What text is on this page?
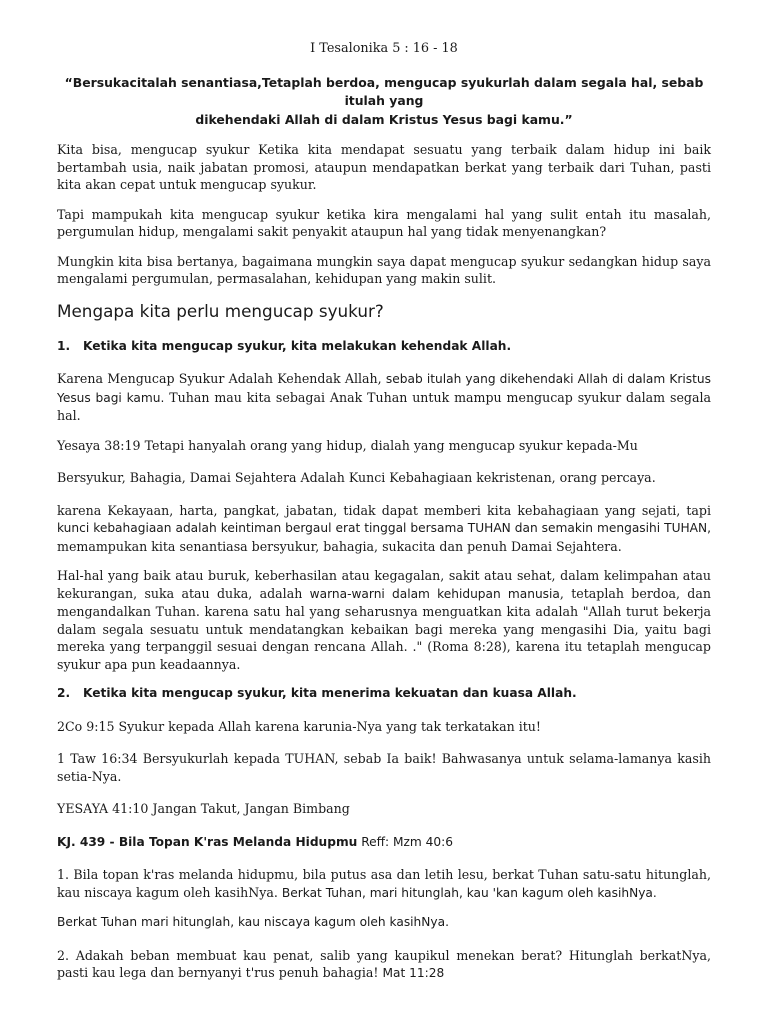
I Tesalonika 5 : 16 - 18

“Bersukacitalah senantiasa,Tetaplah berdoa, mengucap syukurlah dalam segala hal, sebab itulah yang
dikehendaki Allah di dalam Kristus Yesus bagi kamu.”

Kita bisa, mengucap syukur Ketika kita mendapat sesuatu yang terbaik dalam hidup ini baik bertambah usia, naik jabatan promosi, ataupun mendapatkan berkat yang terbaik dari Tuhan, pasti kita akan cepat untuk mengucap syukur.

Tapi mampukah kita mengucap syukur ketika kira mengalami hal yang sulit entah itu masalah, pergumulan hidup, mengalami sakit penyakit ataupun hal yang tidak menyenangkan?

Mungkin kita bisa bertanya, bagaimana mungkin saya dapat mengucap syukur sedangkan hidup saya mengalami pergumulan, permasalahan, kehidupan yang makin sulit.

Mengapa kita perlu mengucap syukur?

1. Ketika kita mengucap syukur, kita melakukan kehendak Allah.

Karena Mengucap Syukur Adalah Kehendak Allah, sebab itulah yang dikehendaki Allah di dalam Kristus Yesus bagi kamu. Tuhan mau kita sebagai Anak Tuhan untuk mampu mengucap syukur dalam segala hal.

Yesaya 38:19 Tetapi hanyalah orang yang hidup, dialah yang mengucap syukur kepada-Mu

Bersyukur, Bahagia, Damai Sejahtera Adalah Kunci Kebahagiaan kekristenan, orang percaya.

karena Kekayaan, harta, pangkat, jabatan, tidak dapat memberi kita kebahagiaan yang sejati, tapi kunci kebahagiaan adalah keintiman bergaul erat tinggal bersama TUHAN dan semakin mengasihi TUHAN, memampukan kita senantiasa bersyukur, bahagia, sukacita dan penuh Damai Sejahtera.

Hal-hal yang baik atau buruk, keberhasilan atau kegagalan, sakit atau sehat, dalam kelimpahan atau kekurangan, suka atau duka, adalah warna-warni dalam kehidupan manusia, tetaplah berdoa, dan mengandalkan Tuhan. karena satu hal yang seharusnya menguatkan kita adalah "Allah turut bekerja dalam segala sesuatu untuk mendatangkan kebaikan bagi mereka yang mengasihi Dia, yaitu bagi mereka yang terpanggil sesuai dengan rencana Allah. ." (Roma 8:28), karena itu tetaplah mengucap syukur apa pun keadaannya.

2. Ketika kita mengucap syukur, kita menerima kekuatan dan kuasa Allah.

2Co 9:15 Syukur kepada Allah karena karunia-Nya yang tak terkatakan itu!

1 Taw 16:34 Bersyukurlah kepada TUHAN, sebab Ia baik! Bahwasanya untuk selama-lamanya kasih setia-Nya.

YESAYA 41:10 Jangan Takut, Jangan Bimbang

KJ. 439 - Bila Topan K'ras Melanda Hidupmu Reff: Mzm 40:6

1. Bila topan k'ras melanda hidupmu, bila putus asa dan letih lesu, berkat Tuhan satu-satu hitunglah, kau niscaya kagum oleh kasihNya. Berkat Tuhan, mari hitunglah, kau 'kan kagum oleh kasihNya.

Berkat Tuhan mari hitunglah, kau niscaya kagum oleh kasihNya.

2. Adakah beban membuat kau penat, salib yang kaupikul menekan berat? Hitunglah berkatNya, pasti kau lega dan bernyanyi t'rus penuh bahagia! Mat 11:28
